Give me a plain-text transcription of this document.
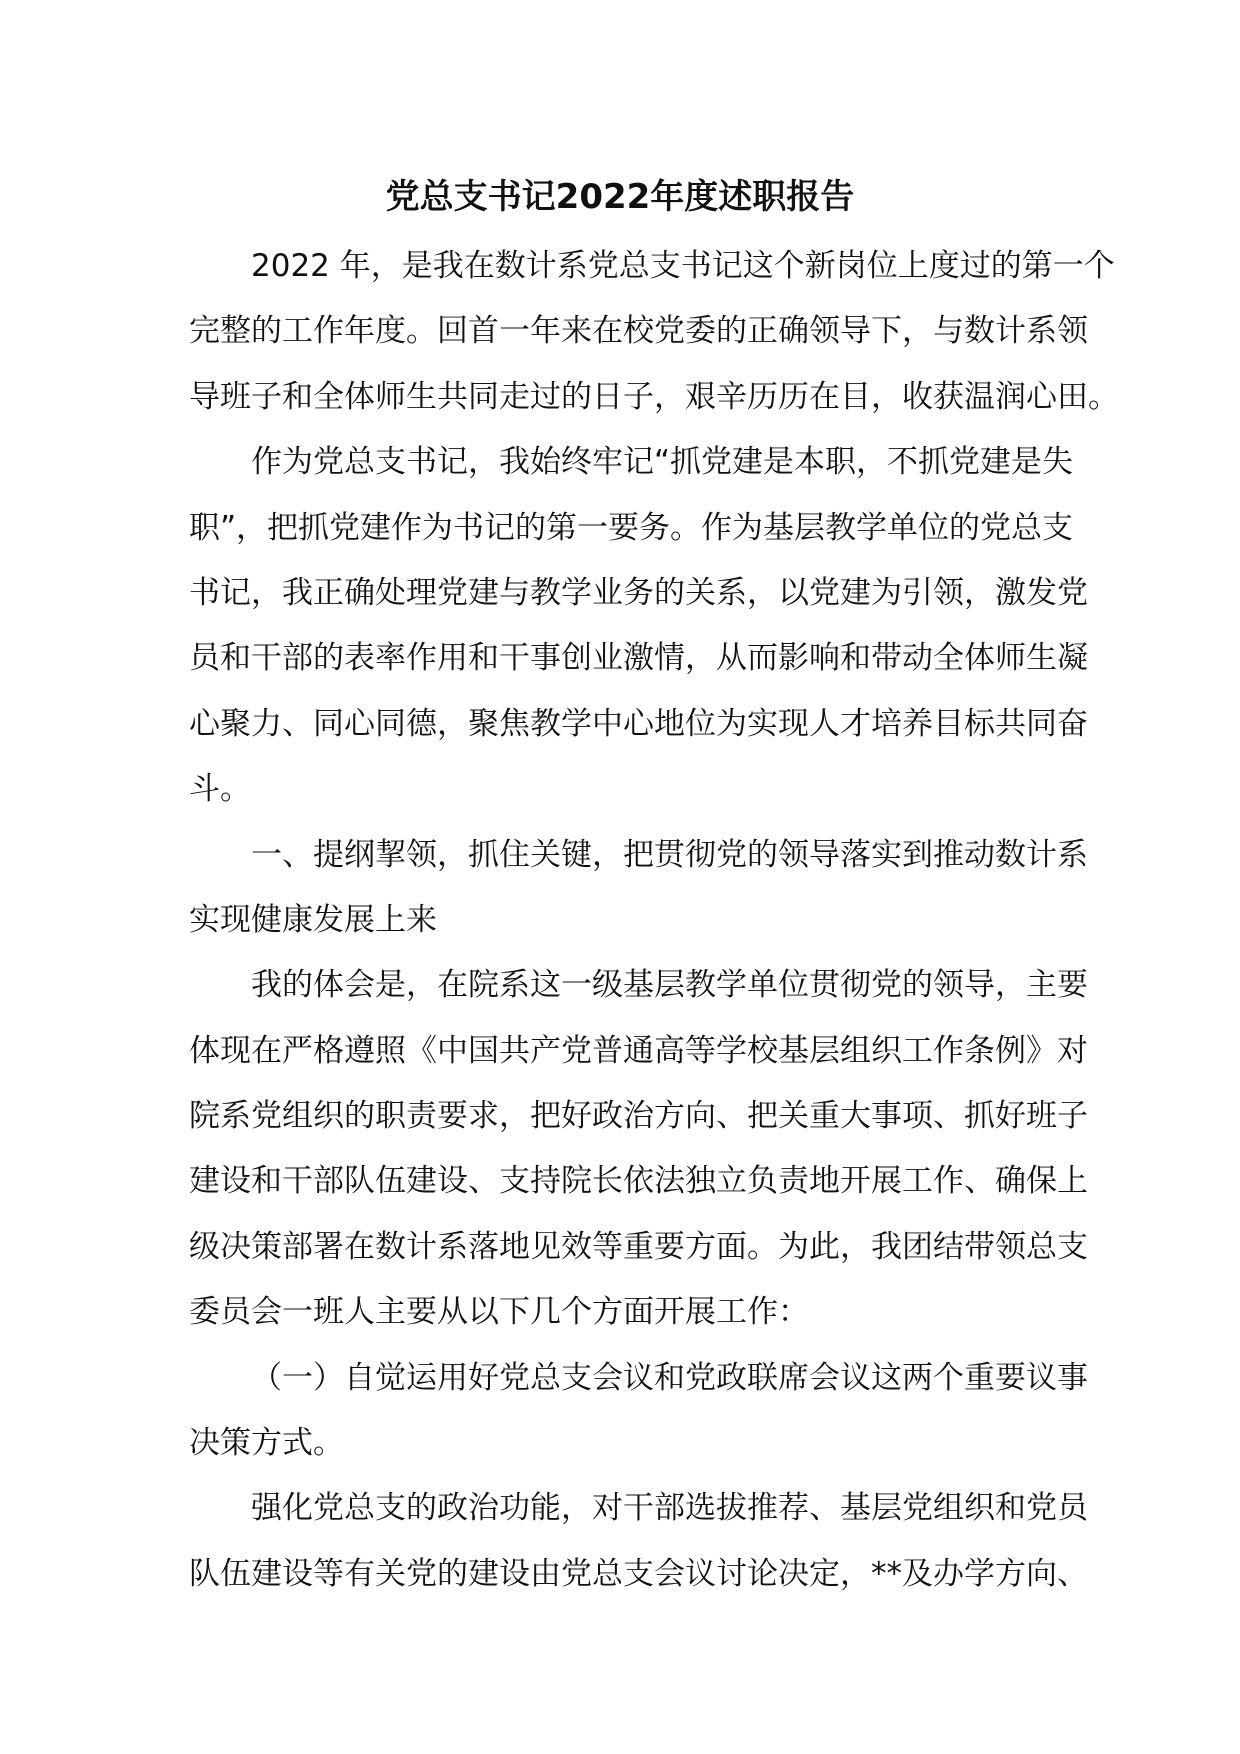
党总支书记2022年度述职报告
2022 年，是我在数计系党总支书记这个新岗位上度过的第一个
完整的工作年度。回首一年来在校党委的正确领导下，与数计系领
导班子和全体师生共同走过的日子，艰辛历历在目，收获温润心田。
作为党总支书记，我始终牢记“抓党建是本职，不抓党建是失
职”，把抓党建作为书记的第一要务。作为基层教学单位的党总支
书记，我正确处理党建与教学业务的关系，以党建为引领，激发党
员和干部的表率作用和干事创业激情，从而影响和带动全体师生凝
心聚力、同心同德，聚焦教学中心地位为实现人才培养目标共同奋
斗。
一、提纲挈领，抓住关键，把贯彻党的领导落实到推动数计系
实现健康发展上来
我的体会是，在院系这一级基层教学单位贯彻党的领导，主要
体现在严格遵照《中国共产党普通高等学校基层组织工作条例》对
院系党组织的职责要求，把好政治方向、把关重大事项、抓好班子
建设和干部队伍建设、支持院长依法独立负责地开展工作、确保上
级决策部署在数计系落地见效等重要方面。为此，我团结带领总支
委员会一班人主要从以下几个方面开展工作：
（一）自觉运用好党总支会议和党政联席会议这两个重要议事
决策方式。
强化党总支的政治功能，对干部选拔推荐、基层党组织和党员
队伍建设等有关党的建设由党总支会议讨论决定，**及办学方向、
